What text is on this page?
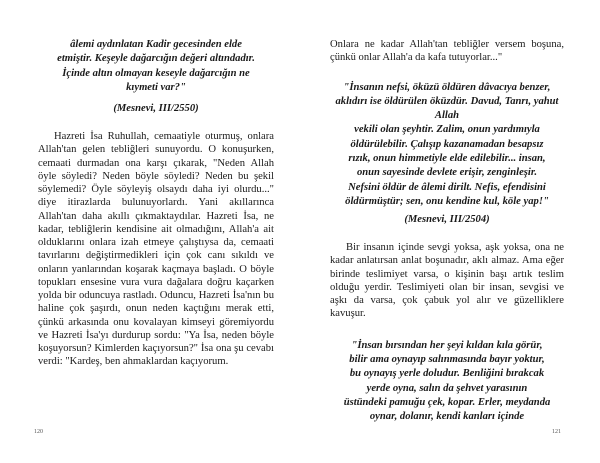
âlemi aydınlatan Kadir gecesinden elde

etmiştir. Keşeyle dağarcığın değeri altındadır.

İçinde altın olmayan keseyle dağarcığın ne

kıymeti var?"

(Mesnevi, III/2550)

Hazreti İsa Ruhullah, cemaatiyle oturmuş, onlara Allah'tan gelen tebliğleri sunuyordu. O konuşurken, cemaati durmadan ona karşı çıkarak, "Neden Allah öyle söyledi? Neden böyle söyledi? Neden bu şekil söylemedi? Öyle söyleyiş olsaydı daha iyi olurdu..." diye itirazlarda bulunuyorlardı. Yani akıllarınca Allah'tan daha akıllı çıkmaktaydılar. Hazreti İsa, ne kadar, tebliğlerin kendisine ait olmadığını, Allah'a ait olduklarını onlara izah etmeye çalıştıysa da, cemaati tavırlarını değiştirmedikleri için çok canı sıkıldı ve onların yanlarından koşarak kaçmaya başladı. O böyle topukları ensesine vura vura dağalara doğru kaçarken yolda bir oduncuya rastladı. Oduncu, Hazreti İsa'nın bu haline çok şaşırdı, onun neden kaçtığını merak etti, çünkü arkasında onu kovalayan kimseyi göremiyordu ve Hazreti İsa'yı durdurup sordu: "Ya İsa, neden böyle koşuyorsun? Kimlerden kaçıyorsun?" İsa ona şu cevabı verdi: "Kardeş, ben ahmaklardan kaçıyorum.

Onlara ne kadar Allah'tan tebliğler versem boşuna, çünkü onlar Allah'a da kafa tutuyorlar..."

"İnsanın nefsi, öküzü öldüren dâvacıya benzer,

aklıdırı ise öldürülen öküzdür. Davud, Tanrı, yahut Allah

vekili olan şeyhtir. Zalim, onun yardımıyla

öldürülebilir. Çalışıp kazanamadan besapsız

rızık, onun himmetiyle elde edilebilir... insan,

onun sayesinde devlete erişir, zenginleşir.

Nefsini öldür de âlemi dirilt. Nefis, efendisini

öldürmüştür; sen, onu kendine kul, köle yap!"

(Mesnevi, III/2504)

Bir insanın içinde sevgi yoksa, aşk yoksa, ona ne kadar anlatırsan anlat boşunadır, aklı almaz. Ama eğer birinde teslimiyet varsa, o kişinin başı artık teslim olduğu yerdir. Teslimiyeti olan bir insan, sevgisi ve aşkı da varsa, çok çabuk yol alır ve güzelliklere kavuşur.

"İnsan bırsından her şeyi kıldan kıla görür,

bilir ama oynayıp salınmasında bayır yoktur,

bu oynayış yerle doludur. Benliğini bırakcak

yerde oyna, salın da şehvet yarasının

üstündeki pamuğu çek, kopar. Erler, meydanda

oynar, dolanır, kendi kanları içinde

120	121
